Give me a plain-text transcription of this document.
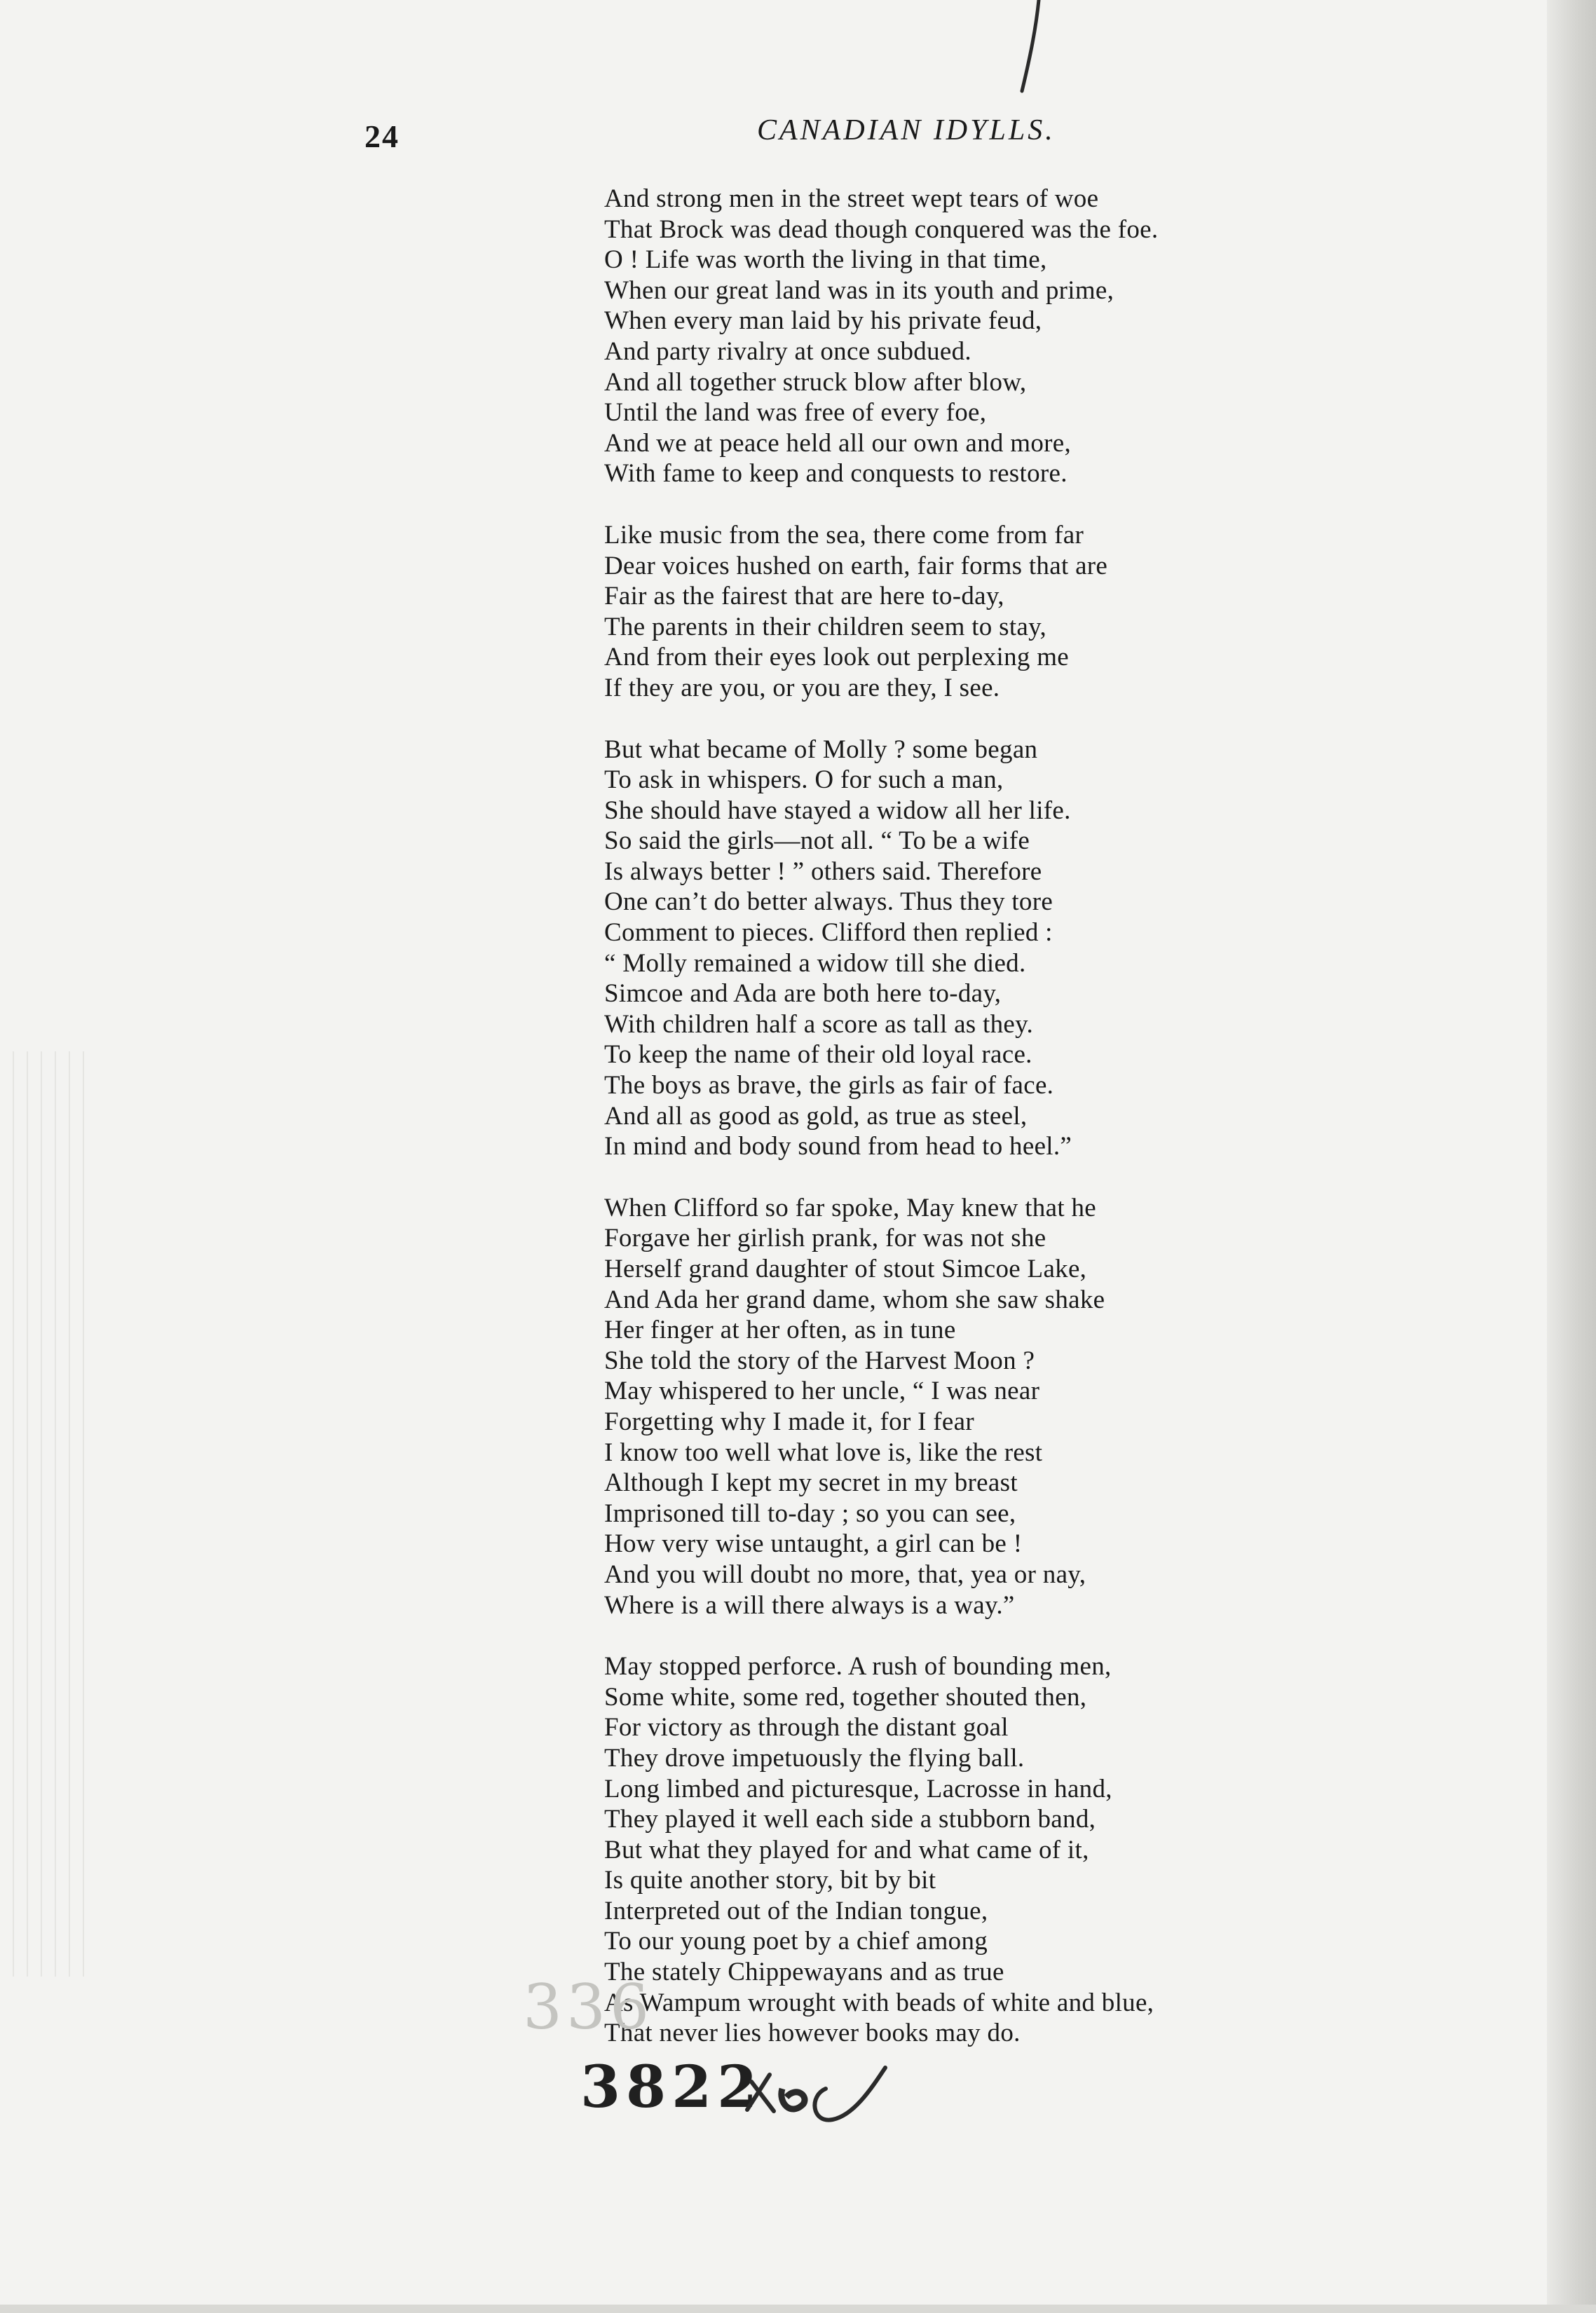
24	CANADIAN IDYLLS.
And strong men in the street wept tears of woe
That Brock was dead though conquered was the foe.
O ! Life was worth the living in that time,
When our great land was in its youth and prime,
When every man laid by his private feud,
And party rivalry at once subdued.
And all together struck blow after blow,
Until the land was free of every foe,
And we at peace held all our own and more,
With fame to keep and conquests to restore.
Like music from the sea, there come from far
Dear voices hushed on earth, fair forms that are
Fair as the fairest that are here to-day,
The parents in their children seem to stay,
And from their eyes look out perplexing me
If they are you, or you are they, I see.
But what became of Molly ? some began
To ask in whispers. O for such a man,
She should have stayed a widow all her life.
So said the girls—not all. “ To be a wife
Is always better ! ” others said. Therefore
One can’t do better always. Thus they tore
Comment to pieces. Clifford then replied :
“ Molly remained a widow till she died.
Simcoe and Ada are both here to-day,
With children half a score as tall as they.
To keep the name of their old loyal race.
The boys as brave, the girls as fair of face.
And all as good as gold, as true as steel,
In mind and body sound from head to heel.”
When Clifford so far spoke, May knew that he
Forgave her girlish prank, for was not she
Herself grand daughter of stout Simcoe Lake,
And Ada her grand dame, whom she saw shake
Her finger at her often, as in tune
She told the story of the Harvest Moon ?
May whispered to her uncle, “ I was near
Forgetting why I made it, for I fear
I know too well what love is, like the rest
Although I kept my secret in my breast
Imprisoned till to-day ; so you can see,
How very wise untaught, a girl can be !
And you will doubt no more, that, yea or nay,
Where is a will there always is a way.”
May stopped perforce. A rush of bounding men,
Some white, some red, together shouted then,
For victory as through the distant goal
They drove impetuously the flying ball.
Long limbed and picturesque, Lacrosse in hand,
They played it well each side a stubborn band,
But what they played for and what came of it,
Is quite another story, bit by bit
Interpreted out of the Indian tongue,
To our young poet by a chief among
The stately Chippewayans and as true
As Wampum wrought with beads of white and blue,
That never lies however books may do.
336
3822
